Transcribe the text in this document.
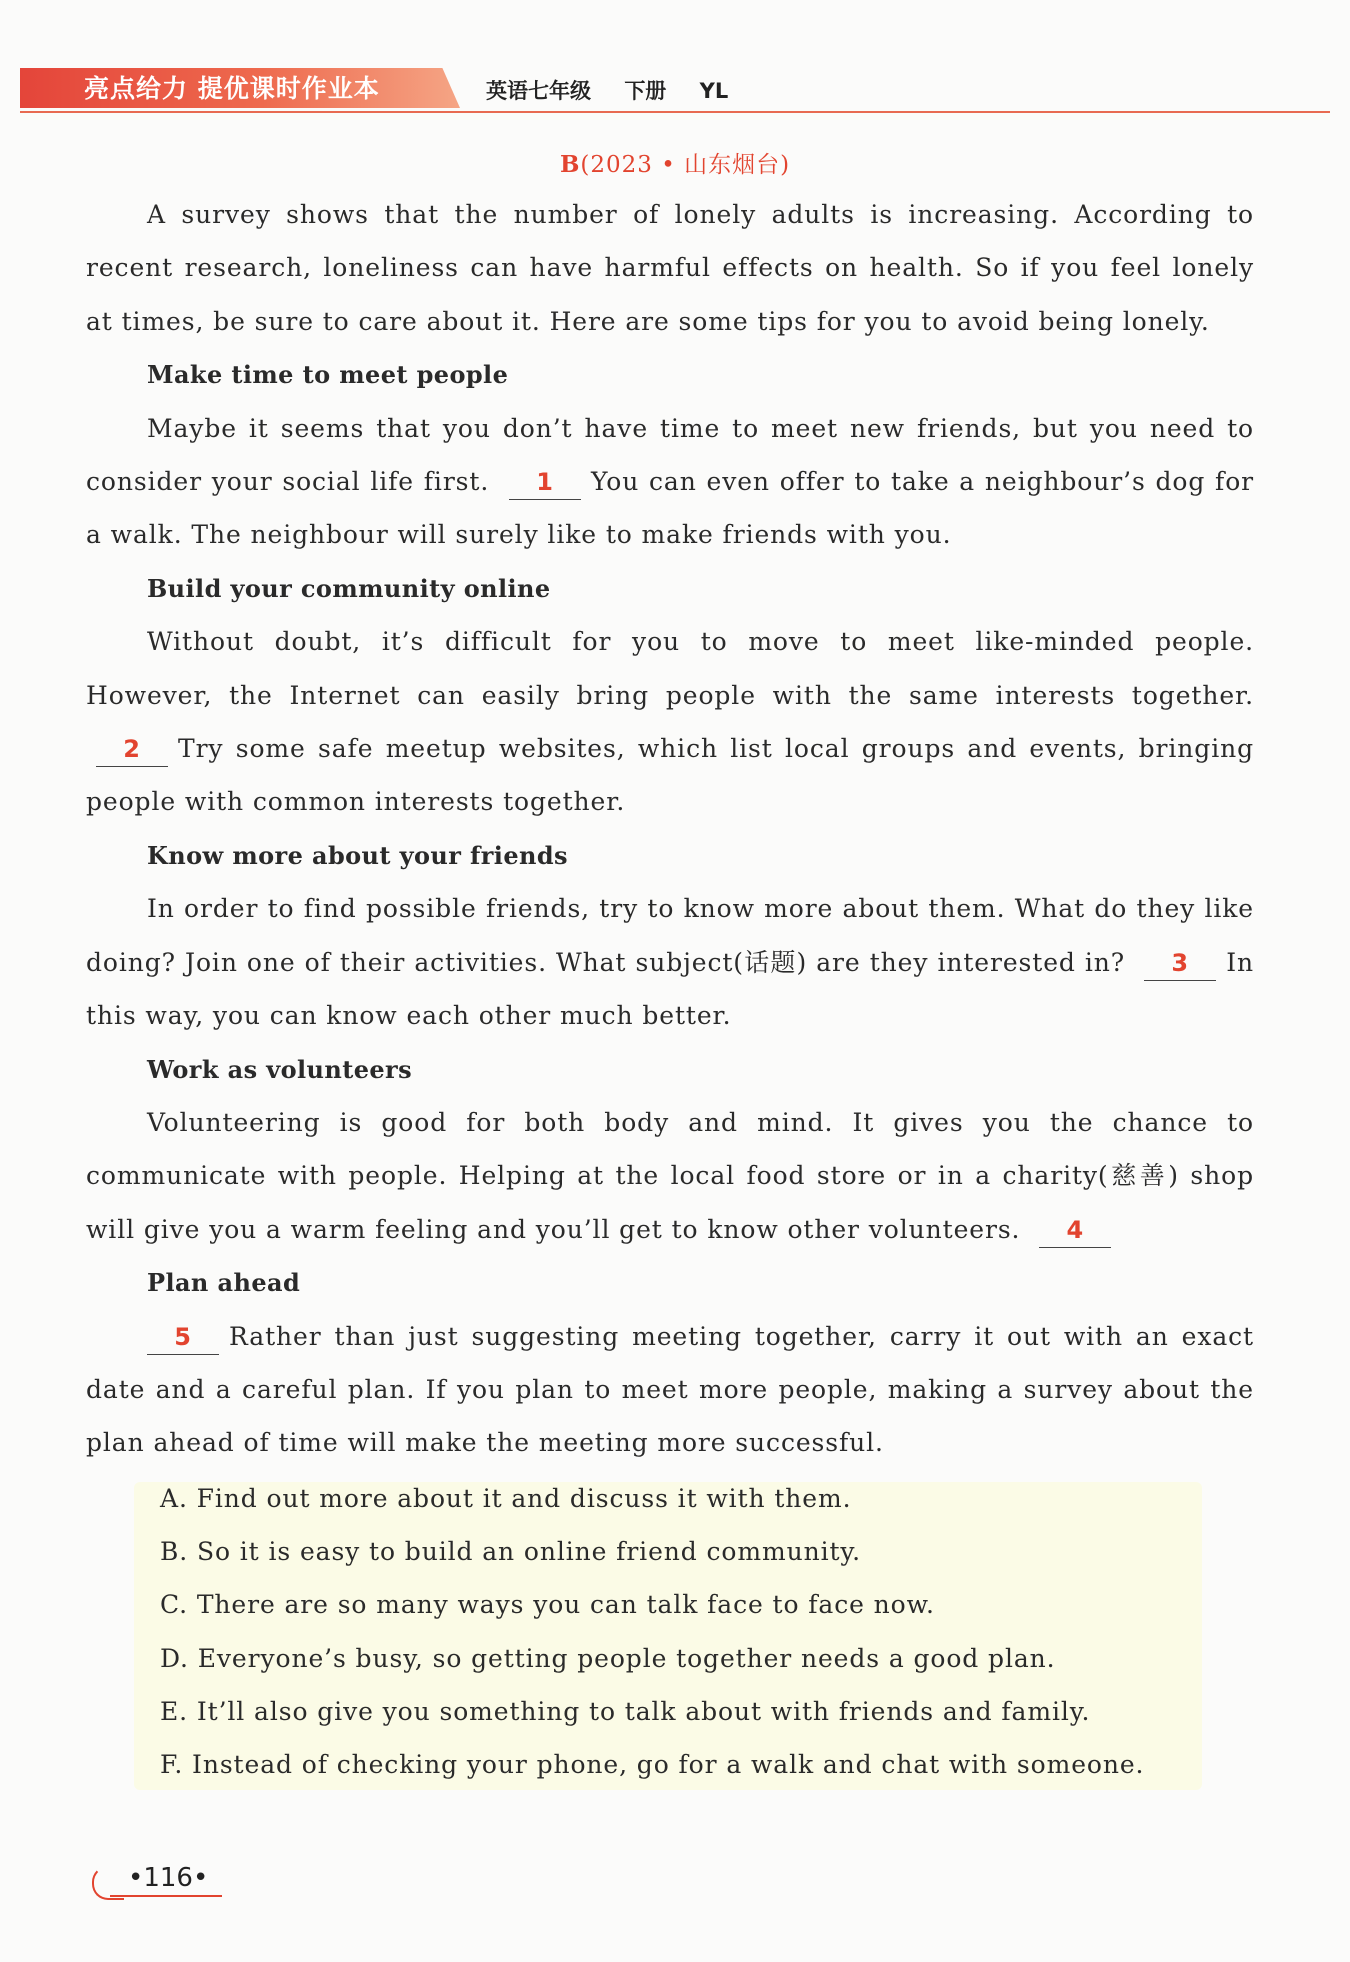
亮点给力 提优课时作业本	英语七年级 下册 YL
B(2023 • 山东烟台)

A survey shows that the number of lonely adults is increasing. According to recent research, loneliness can have harmful effects on health. So if you feel lonely at times, be sure to care about it. Here are some tips for you to avoid being lonely.

Make time to meet people

Maybe it seems that you don’t have time to meet new friends, but you need to consider your social life first. 1 You can even offer to take a neighbour’s dog for a walk. The neighbour will surely like to make friends with you.

Build your community online

Without doubt, it’s difficult for you to move to meet like-minded people. However, the Internet can easily bring people with the same interests together. 2 Try some safe meetup websites, which list local groups and events, bringing people with common interests together.

Know more about your friends

In order to find possible friends, try to know more about them. What do they like doing? Join one of their activities. What subject(话题) are they interested in? 3 In this way, you can know each other much better.

Work as volunteers

Volunteering is good for both body and mind. It gives you the chance to communicate with people. Helping at the local food store or in a charity(慈善) shop will give you a warm feeling and you’ll get to know other volunteers. 4

Plan ahead

5 Rather than just suggesting meeting together, carry it out with an exact date and a careful plan. If you plan to meet more people, making a survey about the plan ahead of time will make the meeting more successful.

A. Find out more about it and discuss it with them.
B. So it is easy to build an online friend community.
C. There are so many ways you can talk face to face now.
D. Everyone’s busy, so getting people together needs a good plan.
E. It’ll also give you something to talk about with friends and family.
F. Instead of checking your phone, go for a walk and chat with someone.
•116•
